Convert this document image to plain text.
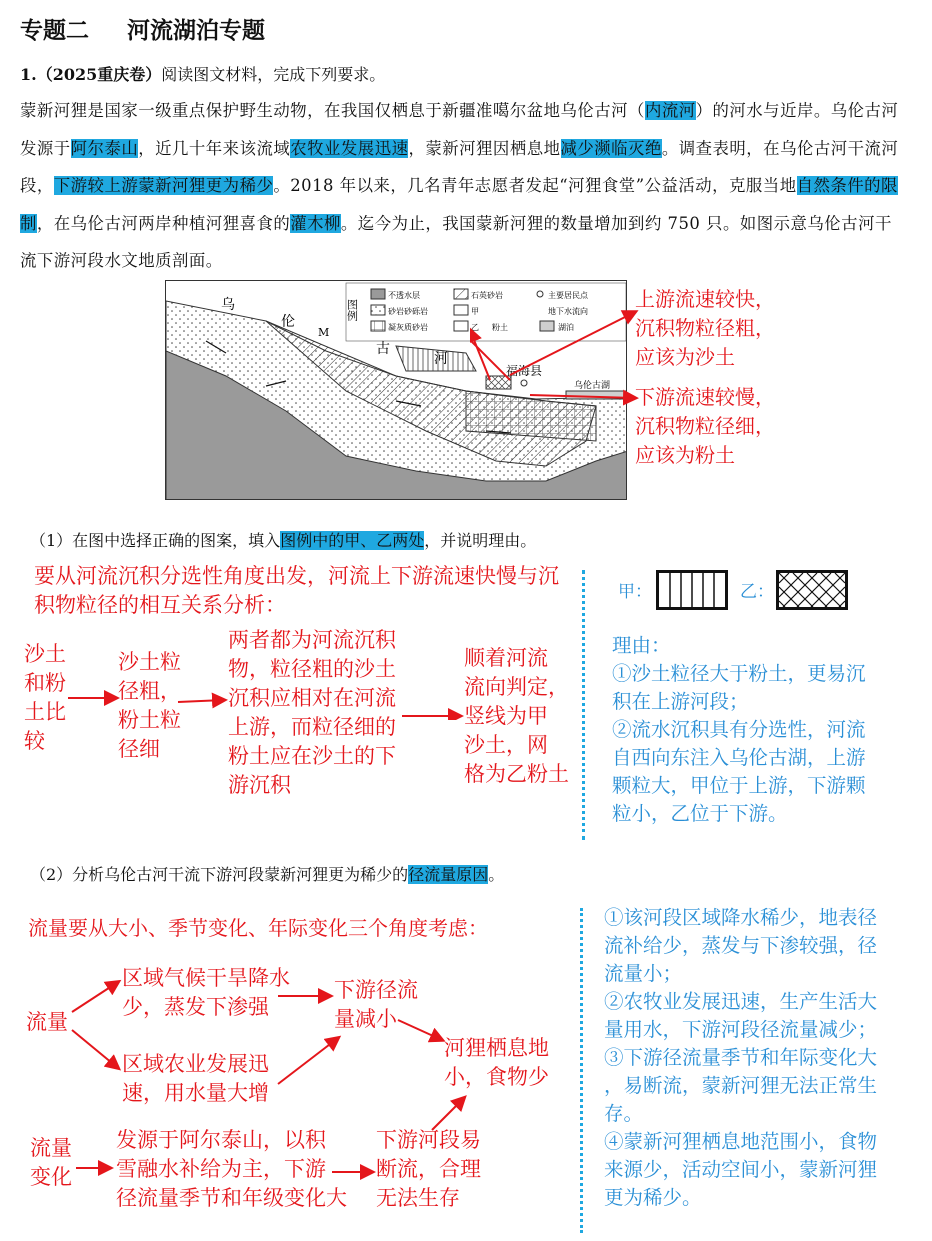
专题二 河流湖泊专题
1.（2025重庆卷）阅读图文材料，完成下列要求。
蒙新河狸是国家一级重点保护野生动物，在我国仅栖息于新疆准噶尔盆地乌伦古河（内流河）的河水与近岸。乌伦古河发源于阿尔泰山，近几十年来该流域农牧业发展迅速，蒙新河狸因栖息地减少濒临灭绝。调查表明，在乌伦古河干流河段，下游较上游蒙新河狸更为稀少。2018 年以来，几名青年志愿者发起“河狸食堂”公益活动，克服当地自然条件的限制，在乌伦古河两岸种植河狸喜食的灌木柳。迄今为止，我国蒙新河狸的数量增加到约 750 只。如图示意乌伦古河干流下游河段水文地质剖面。
图例
不透水层	石英砂岩	主要居民点
砂岩砂砾岩	甲	地下水流向
凝灰质砂岩	乙 粉土	湖泊
乌
伦
M
古
河
福海县
乌伦古湖
上游流速较快，
沉积物粒径粗，
应该为沙土
下游流速较慢，
沉积物粒径细，
应该为粉土
（1）在图中选择正确的图案，填入图例中的甲、乙两处，并说明理由。
要从河流沉积分选性角度出发，河流上下游流速快慢与沉
积物粒径的相互关系分析：
沙土
和粉
土比
较
沙土粒
径粗，
粉土粒
径细
两者都为河流沉积
物，粒径粗的沙土
沉积应相对在河流
上游，而粒径细的
粉土应在沙土的下
游沉积
顺着河流
流向判定，
竖线为甲
沙土，网
格为乙粉土
甲：	乙：
理由：
①沙土粒径大于粉土，更易沉
积在上游河段；
②流水沉积具有分选性，河流
自西向东注入乌伦古湖，上游
颗粒大，甲位于上游，下游颗
粒小，乙位于下游。
（2）分析乌伦古河干流下游河段蒙新河狸更为稀少的径流量原因。
流量要从大小、季节变化、年际变化三个角度考虑：
流量
区域气候干旱降水
少，蒸发下渗强
区域农业发展迅
速，用水量大增
下游径流
量减小
河狸栖息地
小，食物少
流量
变化
发源于阿尔泰山，以积
雪融水补给为主，下游
径流量季节和年级变化大
下游河段易
断流，合理
无法生存
①该河段区域降水稀少，地表径
流补给少，蒸发与下渗较强，径
流量小；
②农牧业发展迅速，生产生活大
量用水，下游河段径流量减少；
③下游径流量季节和年际变化大
，易断流，蒙新河狸无法正常生
存。
④蒙新河狸栖息地范围小，食物
来源少，活动空间小，蒙新河狸
更为稀少。
